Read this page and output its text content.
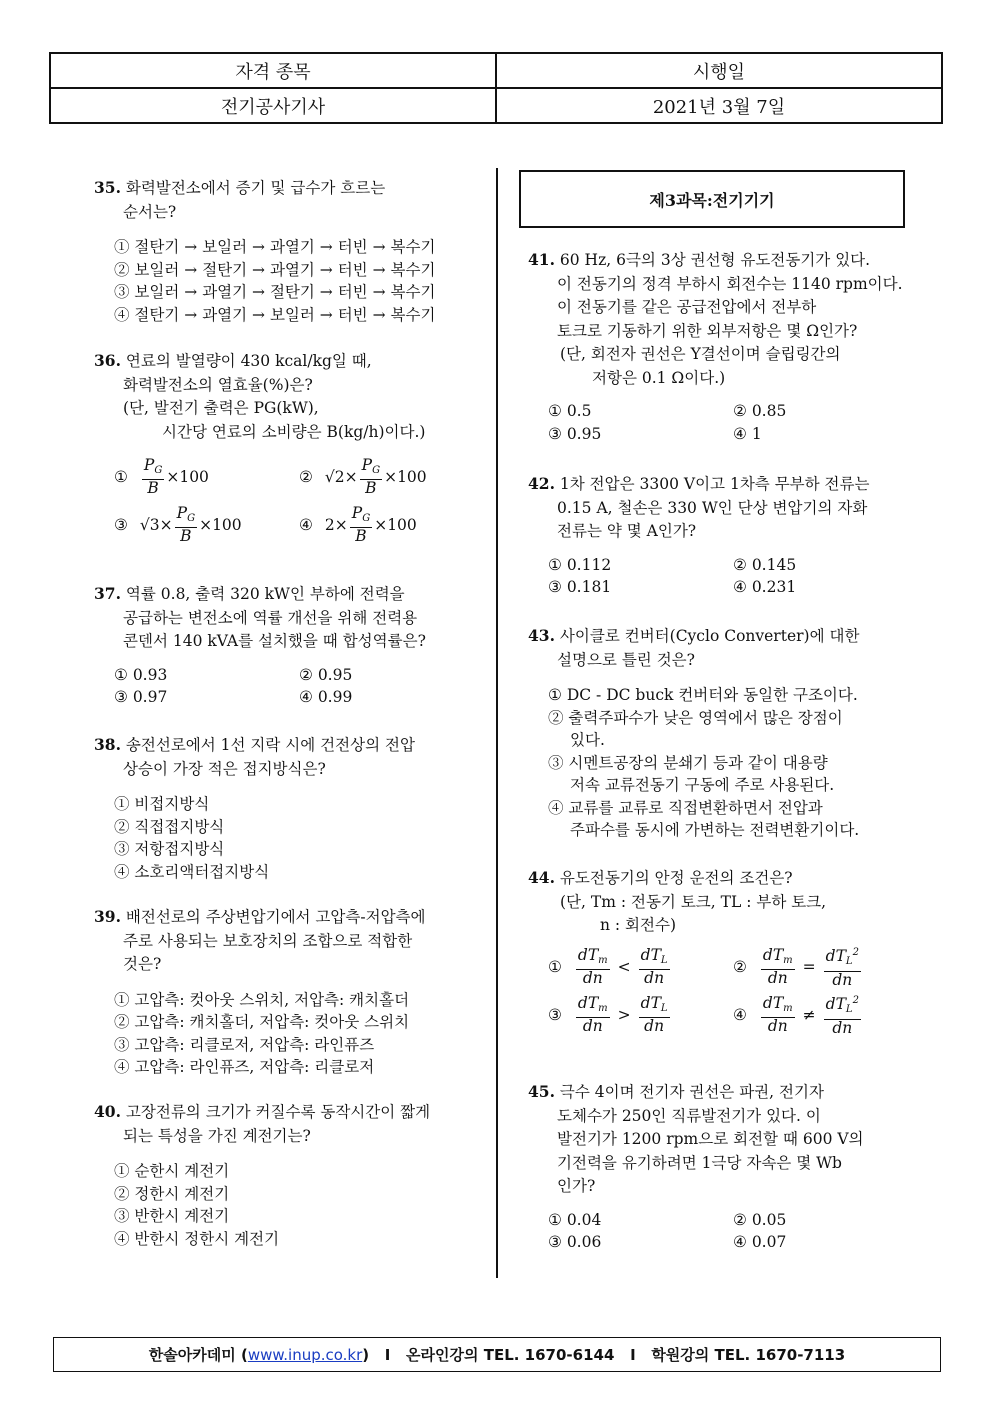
자격 종목	시행일
전기공사기사	2021년 3월 7일
35. 화력발전소에서 증기 및 급수가 흐르는
순서는?
① 절탄기 → 보일러 → 과열기 → 터빈 → 복수기
② 보일러 → 절탄기 → 과열기 → 터빈 → 복수기
③ 보일러 → 과열기 → 절탄기 → 터빈 → 복수기
④ 절탄기 → 과열기 → 보일러 → 터빈 → 복수기
36. 연료의 발열량이 430 kcal/kg일 때,
화력발전소의 열효율(%)은?
(단, 발전기 출력은 PG(kW),
시간당 연료의 소비량은 B(kg/h)이다.)
① $\frac{P_G}{B} \times 100$	② $√2\times \frac{P_G}{B} \times 100$
③ $√3\times \frac{P_G}{B} \times 100$	④ $2\times \frac{P_G}{B} \times 100$
37. 역률 0.8, 출력 320 kW인 부하에 전력을
공급하는 변전소에 역률 개선을 위해 전력용
콘덴서 140 kVA를 설치했을 때 합성역률은?
① 0.93	② 0.95
③ 0.97	④ 0.99
38. 송전선로에서 1선 지락 시에 건전상의 전압
상승이 가장 적은 접지방식은?
① 비접지방식
② 직접접지방식
③ 저항접지방식
④ 소호리액터접지방식
39. 배전선로의 주상변압기에서 고압측-저압측에
주로 사용되는 보호장치의 조합으로 적합한
것은?
① 고압측: 컷아웃 스위치, 저압측: 캐치홀더
② 고압측: 캐치홀더, 저압측: 컷아웃 스위치
③ 고압측: 리클로저, 저압측: 라인퓨즈
④ 고압측: 라인퓨즈, 저압측: 리클로저
40. 고장전류의 크기가 커질수록 동작시간이 짧게
되는 특성을 가진 계전기는?
① 순한시 계전기
② 정한시 계전기
③ 반한시 계전기
④ 반한시 정한시 계전기
제3과목:전기기기
41. 60 Hz, 6극의 3상 권선형 유도전동기가 있다.
이 전동기의 정격 부하시 회전수는 1140 rpm이다.
이 전동기를 같은 공급전압에서 전부하
토크로 기동하기 위한 외부저항은 몇 Ω인가?
(단, 회전자 권선은 Y결선이며 슬립링간의
저항은 0.1 Ω이다.)
① 0.5	② 0.85
③ 0.95	④ 1
42. 1차 전압은 3300 V이고 1차측 무부하 전류는
0.15 A, 철손은 330 W인 단상 변압기의 자화
전류는 약 몇 A인가?
① 0.112	② 0.145
③ 0.181	④ 0.231
43. 사이클로 컨버터(Cyclo Converter)에 대한
설명으로 틀린 것은?
① DC - DC buck 컨버터와 동일한 구조이다.
② 출력주파수가 낮은 영역에서 많은 장점이
있다.
③ 시멘트공장의 분쇄기 등과 같이 대용량
저속 교류전동기 구동에 주로 사용된다.
④ 교류를 교류로 직접변환하면서 전압과
주파수를 동시에 가변하는 전력변환기이다.
44. 유도전동기의 안정 운전의 조건은?
(단, Tm : 전동기 토크, TL : 부하 토크,
n : 회전수)
① $\frac{dT_m}{dn} < \frac{dT_L}{dn}$	② $\frac{dT_m}{dn} = \frac{dT_L^2}{dn}$
③ $\frac{dT_m}{dn} > \frac{dT_L}{dn}$	④ $\frac{dT_m}{dn} \ne \frac{dT_L^2}{dn}$
45. 극수 4이며 전기자 권선은 파권, 전기자
도체수가 250인 직류발전기가 있다. 이
발전기가 1200 rpm으로 회전할 때 600 V의
기전력을 유기하려면 1극당 자속은 몇 Wb
인가?
① 0.04	② 0.05
③ 0.06	④ 0.07
한솔아카데미 ( www.inup.co.kr )   I   온라인강의 TEL. 1670-6144   I   학원강의 TEL. 1670-7113
